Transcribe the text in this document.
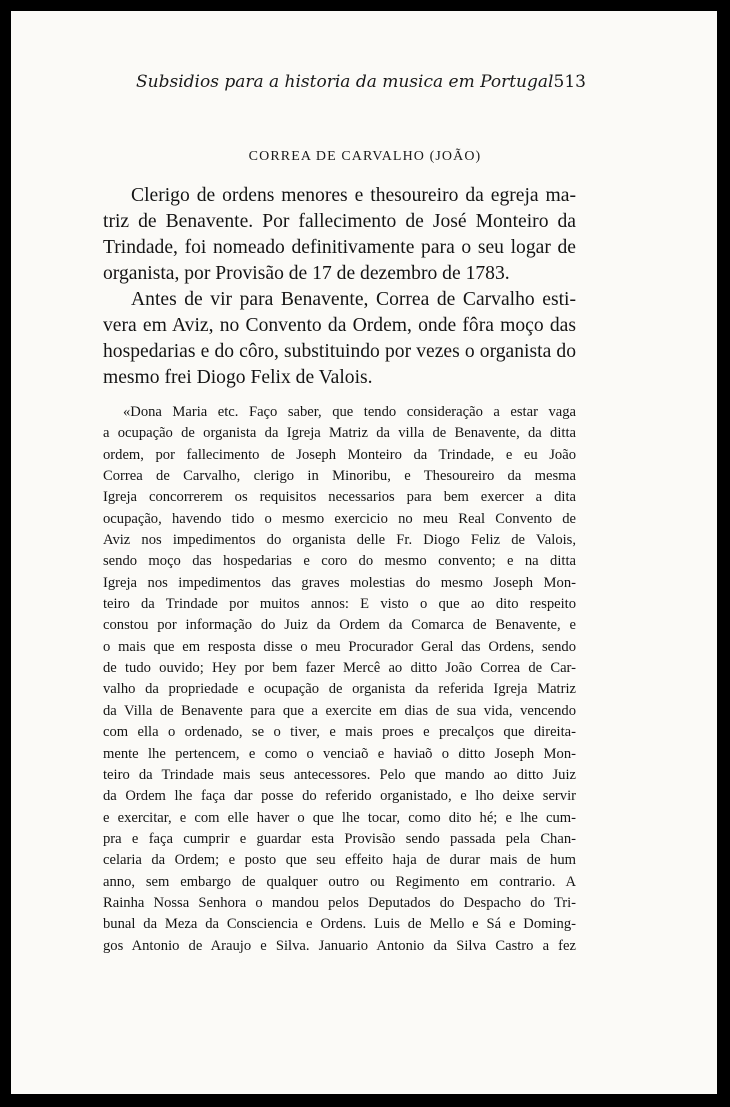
Subsidios para a historia da musica em Portugal 513
CORREA DE CARVALHO (JOÃO)

Clerigo de ordens menores e thesoureiro da egreja ma-
triz de Benavente. Por fallecimento de José Monteiro da
Trindade, foi nomeado definitivamente para o seu logar de
organista, por Provisão de 17 de dezembro de 1783.

Antes de vir para Benavente, Correa de Carvalho esti-
vera em Aviz, no Convento da Ordem, onde fôra moço das
hospedarias e do côro, substituindo por vezes o organista do
mesmo frei Diogo Felix de Valois.

«Dona Maria etc. Faço saber, que tendo consideração a estar vaga
a ocupação de organista da Igreja Matriz da villa de Benavente, da ditta
ordem, por fallecimento de Joseph Monteiro da Trindade, e eu João
Correa de Carvalho, clerigo in Minoribu, e Thesoureiro da mesma
Igreja concorrerem os requisitos necessarios para bem exercer a dita
ocupação, havendo tido o mesmo exercicio no meu Real Convento de
Aviz nos impedimentos do organista delle Fr. Diogo Feliz de Valois,
sendo moço das hospedarias e coro do mesmo convento; e na ditta
Igreja nos impedimentos das graves molestias do mesmo Joseph Mon-
teiro da Trindade por muitos annos: E visto o que ao dito respeito
constou por informação do Juiz da Ordem da Comarca de Benavente, e
o mais que em resposta disse o meu Procurador Geral das Ordens, sendo
de tudo ouvido; Hey por bem fazer Mercê ao ditto João Correa de Car-
valho da propriedade e ocupação de organista da referida Igreja Matriz
da Villa de Benavente para que a exercite em dias de sua vida, vencendo
com ella o ordenado, se o tiver, e mais proes e precalços que direita-
mente lhe pertencem, e como o venciaõ e haviaõ o ditto Joseph Mon-
teiro da Trindade mais seus antecessores. Pelo que mando ao ditto Juiz
da Ordem lhe faça dar posse do referido organistado, e lho deixe servir
e exercitar, e com elle haver o que lhe tocar, como dito hé; e lhe cum-
pra e faça cumprir e guardar esta Provisão sendo passada pela Chan-
celaria da Ordem; e posto que seu effeito haja de durar mais de hum
anno, sem embargo de qualquer outro ou Regimento em contrario. A
Rainha Nossa Senhora o mandou pelos Deputados do Despacho do Tri-
bunal da Meza da Consciencia e Ordens. Luis de Mello e Sá e Doming-
gos Antonio de Araujo e Silva. Januario Antonio da Silva Castro a fez
